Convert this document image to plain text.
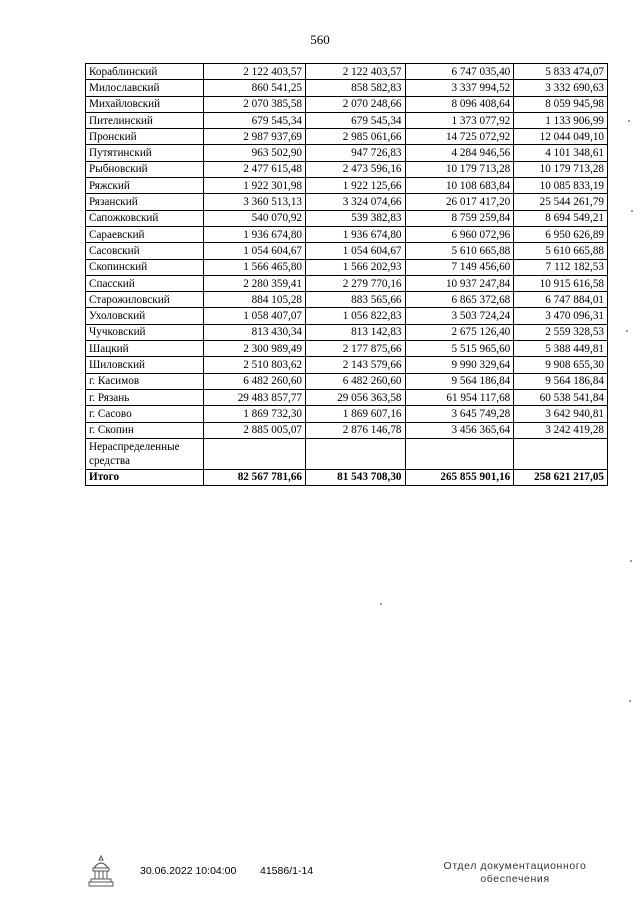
560
Кораблинский	2 122 403,57	2 122 403,57	6 747 035,40	5 833 474,07
Милославский	860 541,25	858 582,83	3 337 994,52	3 332 690,63
Михайловский	2 070 385,58	2 070 248,66	8 096 408,64	8 059 945,98
Пителинский	679 545,34	679 545,34	1 373 077,92	1 133 906,99
Пронский	2 987 937,69	2 985 061,66	14 725 072,92	12 044 049,10
Путятинский	963 502,90	947 726,83	4 284 946,56	4 101 348,61
Рыбновский	2 477 615,48	2 473 596,16	10 179 713,28	10 179 713,28
Ряжский	1 922 301,98	1 922 125,66	10 108 683,84	10 085 833,19
Рязанский	3 360 513,13	3 324 074,66	26 017 417,20	25 544 261,79
Сапожковский	540 070,92	539 382,83	8 759 259,84	8 694 549,21
Сараевский	1 936 674,80	1 936 674,80	6 960 072,96	6 950 626,89
Сасовский	1 054 604,67	1 054 604,67	5 610 665,88	5 610 665,88
Скопинский	1 566 465,80	1 566 202,93	7 149 456,60	7 112 182,53
Спасский	2 280 359,41	2 279 770,16	10 937 247,84	10 915 616,58
Старожиловский	884 105,28	883 565,66	6 865 372,68	6 747 884,01
Ухоловский	1 058 407,07	1 056 822,83	3 503 724,24	3 470 096,31
Чучковский	813 430,34	813 142,83	2 675 126,40	2 559 328,53
Шацкий	2 300 989,49	2 177 875,66	5 515 965,60	5 388 449,81
Шиловский	2 510 803,62	2 143 579,66	9 990 329,64	9 908 655,30
г. Касимов	6 482 260,60	6 482 260,60	9 564 186,84	9 564 186,84
г. Рязань	29 483 857,77	29 056 363,58	61 954 117,68	60 538 541,84
г. Сасово	1 869 732,30	1 869 607,16	3 645 749,28	3 642 940,81
г. Скопин	2 885 005,07	2 876 146,78	3 456 365,64	3 242 419,28
Нераспределенные средства				
Итого	82 567 781,66	81 543 708,30	265 855 901,16	258 621 217,05
30.06.2022 10:04:00 41586/1-14	Отдел документационного
обеспечения
